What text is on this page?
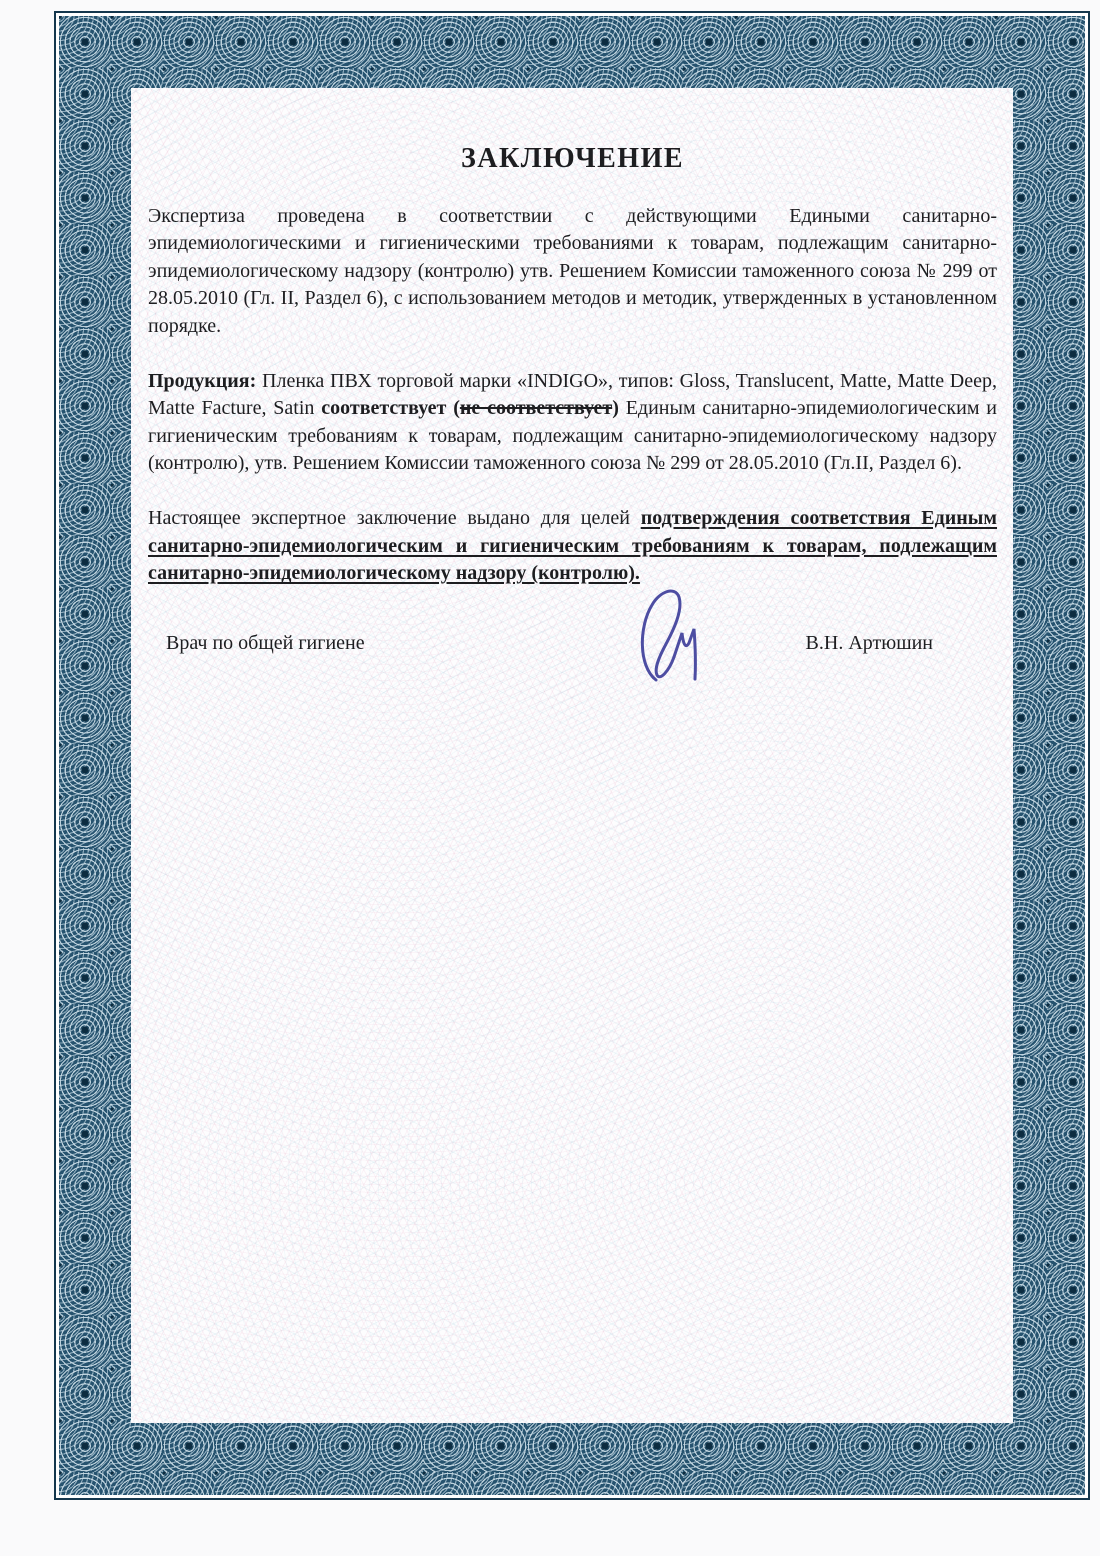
ЗАКЛЮЧЕНИЕ

Экспертиза проведена в соответствии с действующими Едиными санитарно-эпидемиологическими и гигиеническими требованиями к товарам, подлежащим санитарно-эпидемиологическому надзору (контролю) утв. Решением Комиссии таможенного союза № 299 от 28.05.2010 (Гл. II, Раздел 6), с использованием методов и методик, утвержденных в установленном порядке.

Продукция: Пленка ПВХ торговой марки «INDIGO», типов: Gloss, Translucent, Matte, Matte Deep, Matte Facture, Satin соответствует (не соответствует) Единым санитарно-эпидемиологическим и гигиеническим требованиям к товарам, подлежащим санитарно-эпидемиологическому надзору (контролю), утв. Решением Комиссии таможенного союза № 299 от 28.05.2010 (Гл.II, Раздел 6).

Настоящее экспертное заключение выдано для целей подтверждения соответствия Единым санитарно-эпидемиологическим и гигиеническим требованиям к товарам, подлежащим санитарно-эпидемиологическому надзору (контролю).

Врач по общей гигиене	В.Н. Артюшин
